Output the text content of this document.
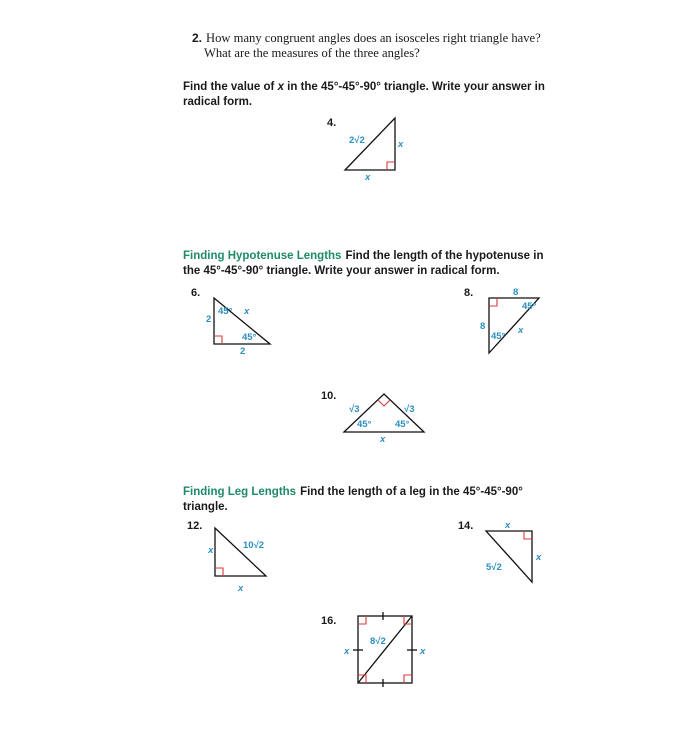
2. How many congruent angles does an isosceles right triangle have?
What are the measures of the three angles?
Find the value of x in the 45°-45°-90° triangle. Write your answer in
radical form.
4.
2√2	x
x
Finding Hypotenuse Lengths Find the length of the hypotenuse in
the 45°-45°-90° triangle. Write your answer in radical form.
6.
2
45° x
45°
2
8.	8
45°
8
45°
x
10.
√3	√3
45° 45°
x
Finding Leg Lengths Find the length of a leg in the 45°-45°-90°
triangle.
12.
x	10√2
x
14.	x
5√2
x
16.
x
8√2
x
